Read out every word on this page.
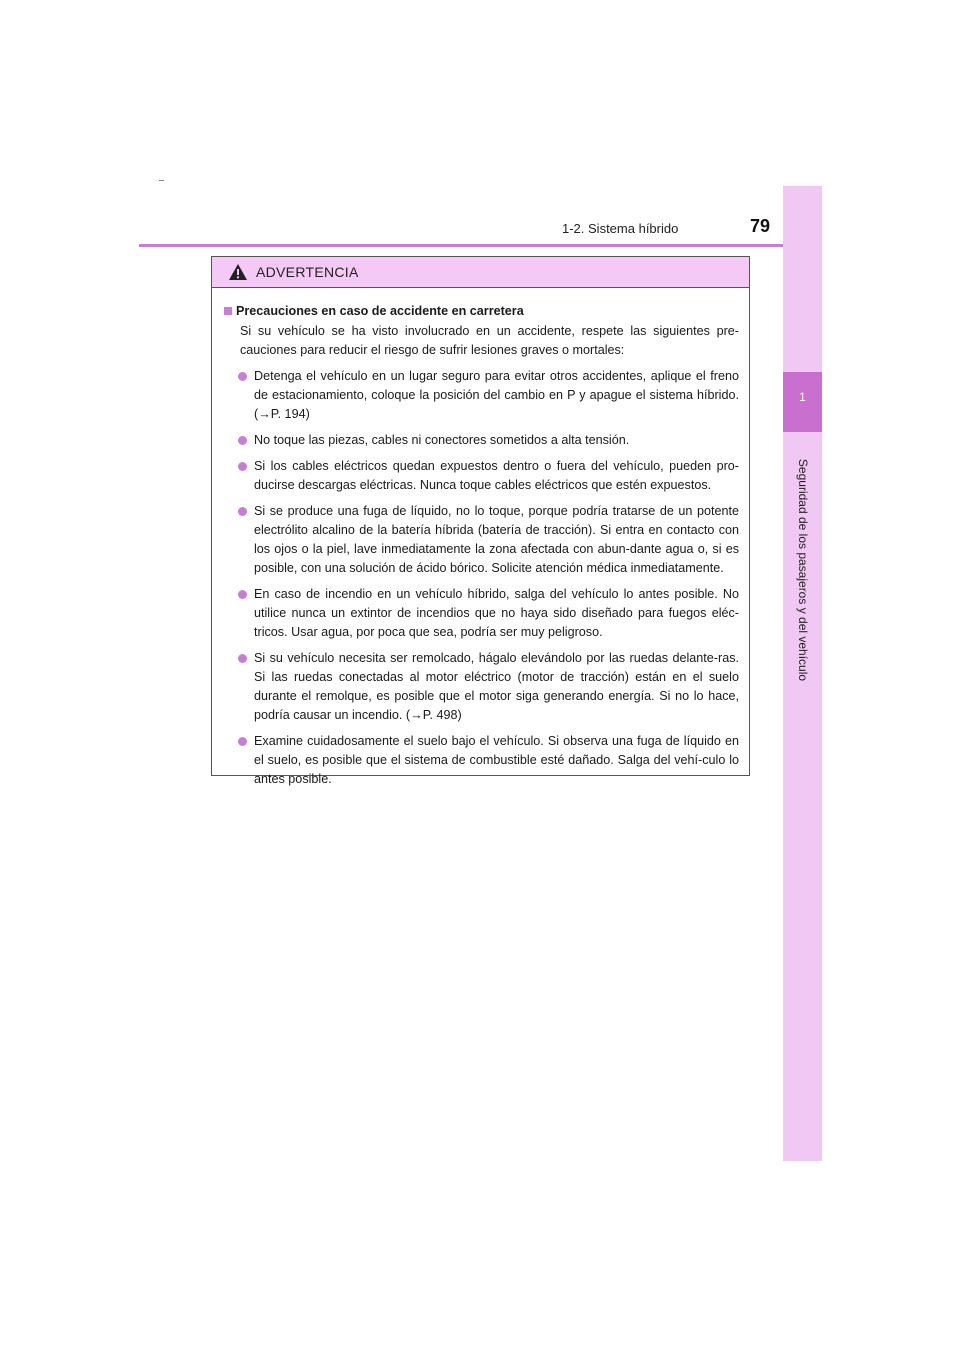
1-2. Sistema híbrido	79
1
Seguridad de los pasajeros y del vehículo
ADVERTENCIA
Precauciones en caso de accidente en carretera
Si su vehículo se ha visto involucrado en un accidente, respete las siguientes pre-cauciones para reducir el riesgo de sufrir lesiones graves o mortales:
Detenga el vehículo en un lugar seguro para evitar otros accidentes, aplique el freno de estacionamiento, coloque la posición del cambio en P y apague el sistema híbrido. (→P. 194)
No toque las piezas, cables ni conectores sometidos a alta tensión.
Si los cables eléctricos quedan expuestos dentro o fuera del vehículo, pueden pro-ducirse descargas eléctricas. Nunca toque cables eléctricos que estén expuestos.
Si se produce una fuga de líquido, no lo toque, porque podría tratarse de un potente electrólito alcalino de la batería híbrida (batería de tracción). Si entra en contacto con los ojos o la piel, lave inmediatamente la zona afectada con abun-dante agua o, si es posible, con una solución de ácido bórico. Solicite atención médica inmediatamente.
En caso de incendio en un vehículo híbrido, salga del vehículo lo antes posible. No utilice nunca un extintor de incendios que no haya sido diseñado para fuegos eléc-tricos. Usar agua, por poca que sea, podría ser muy peligroso.
Si su vehículo necesita ser remolcado, hágalo elevándolo por las ruedas delante-ras. Si las ruedas conectadas al motor eléctrico (motor de tracción) están en el suelo durante el remolque, es posible que el motor siga generando energía. Si no lo hace, podría causar un incendio. (→P. 498)
Examine cuidadosamente el suelo bajo el vehículo. Si observa una fuga de líquido en el suelo, es posible que el sistema de combustible esté dañado. Salga del vehí-culo lo antes posible.
